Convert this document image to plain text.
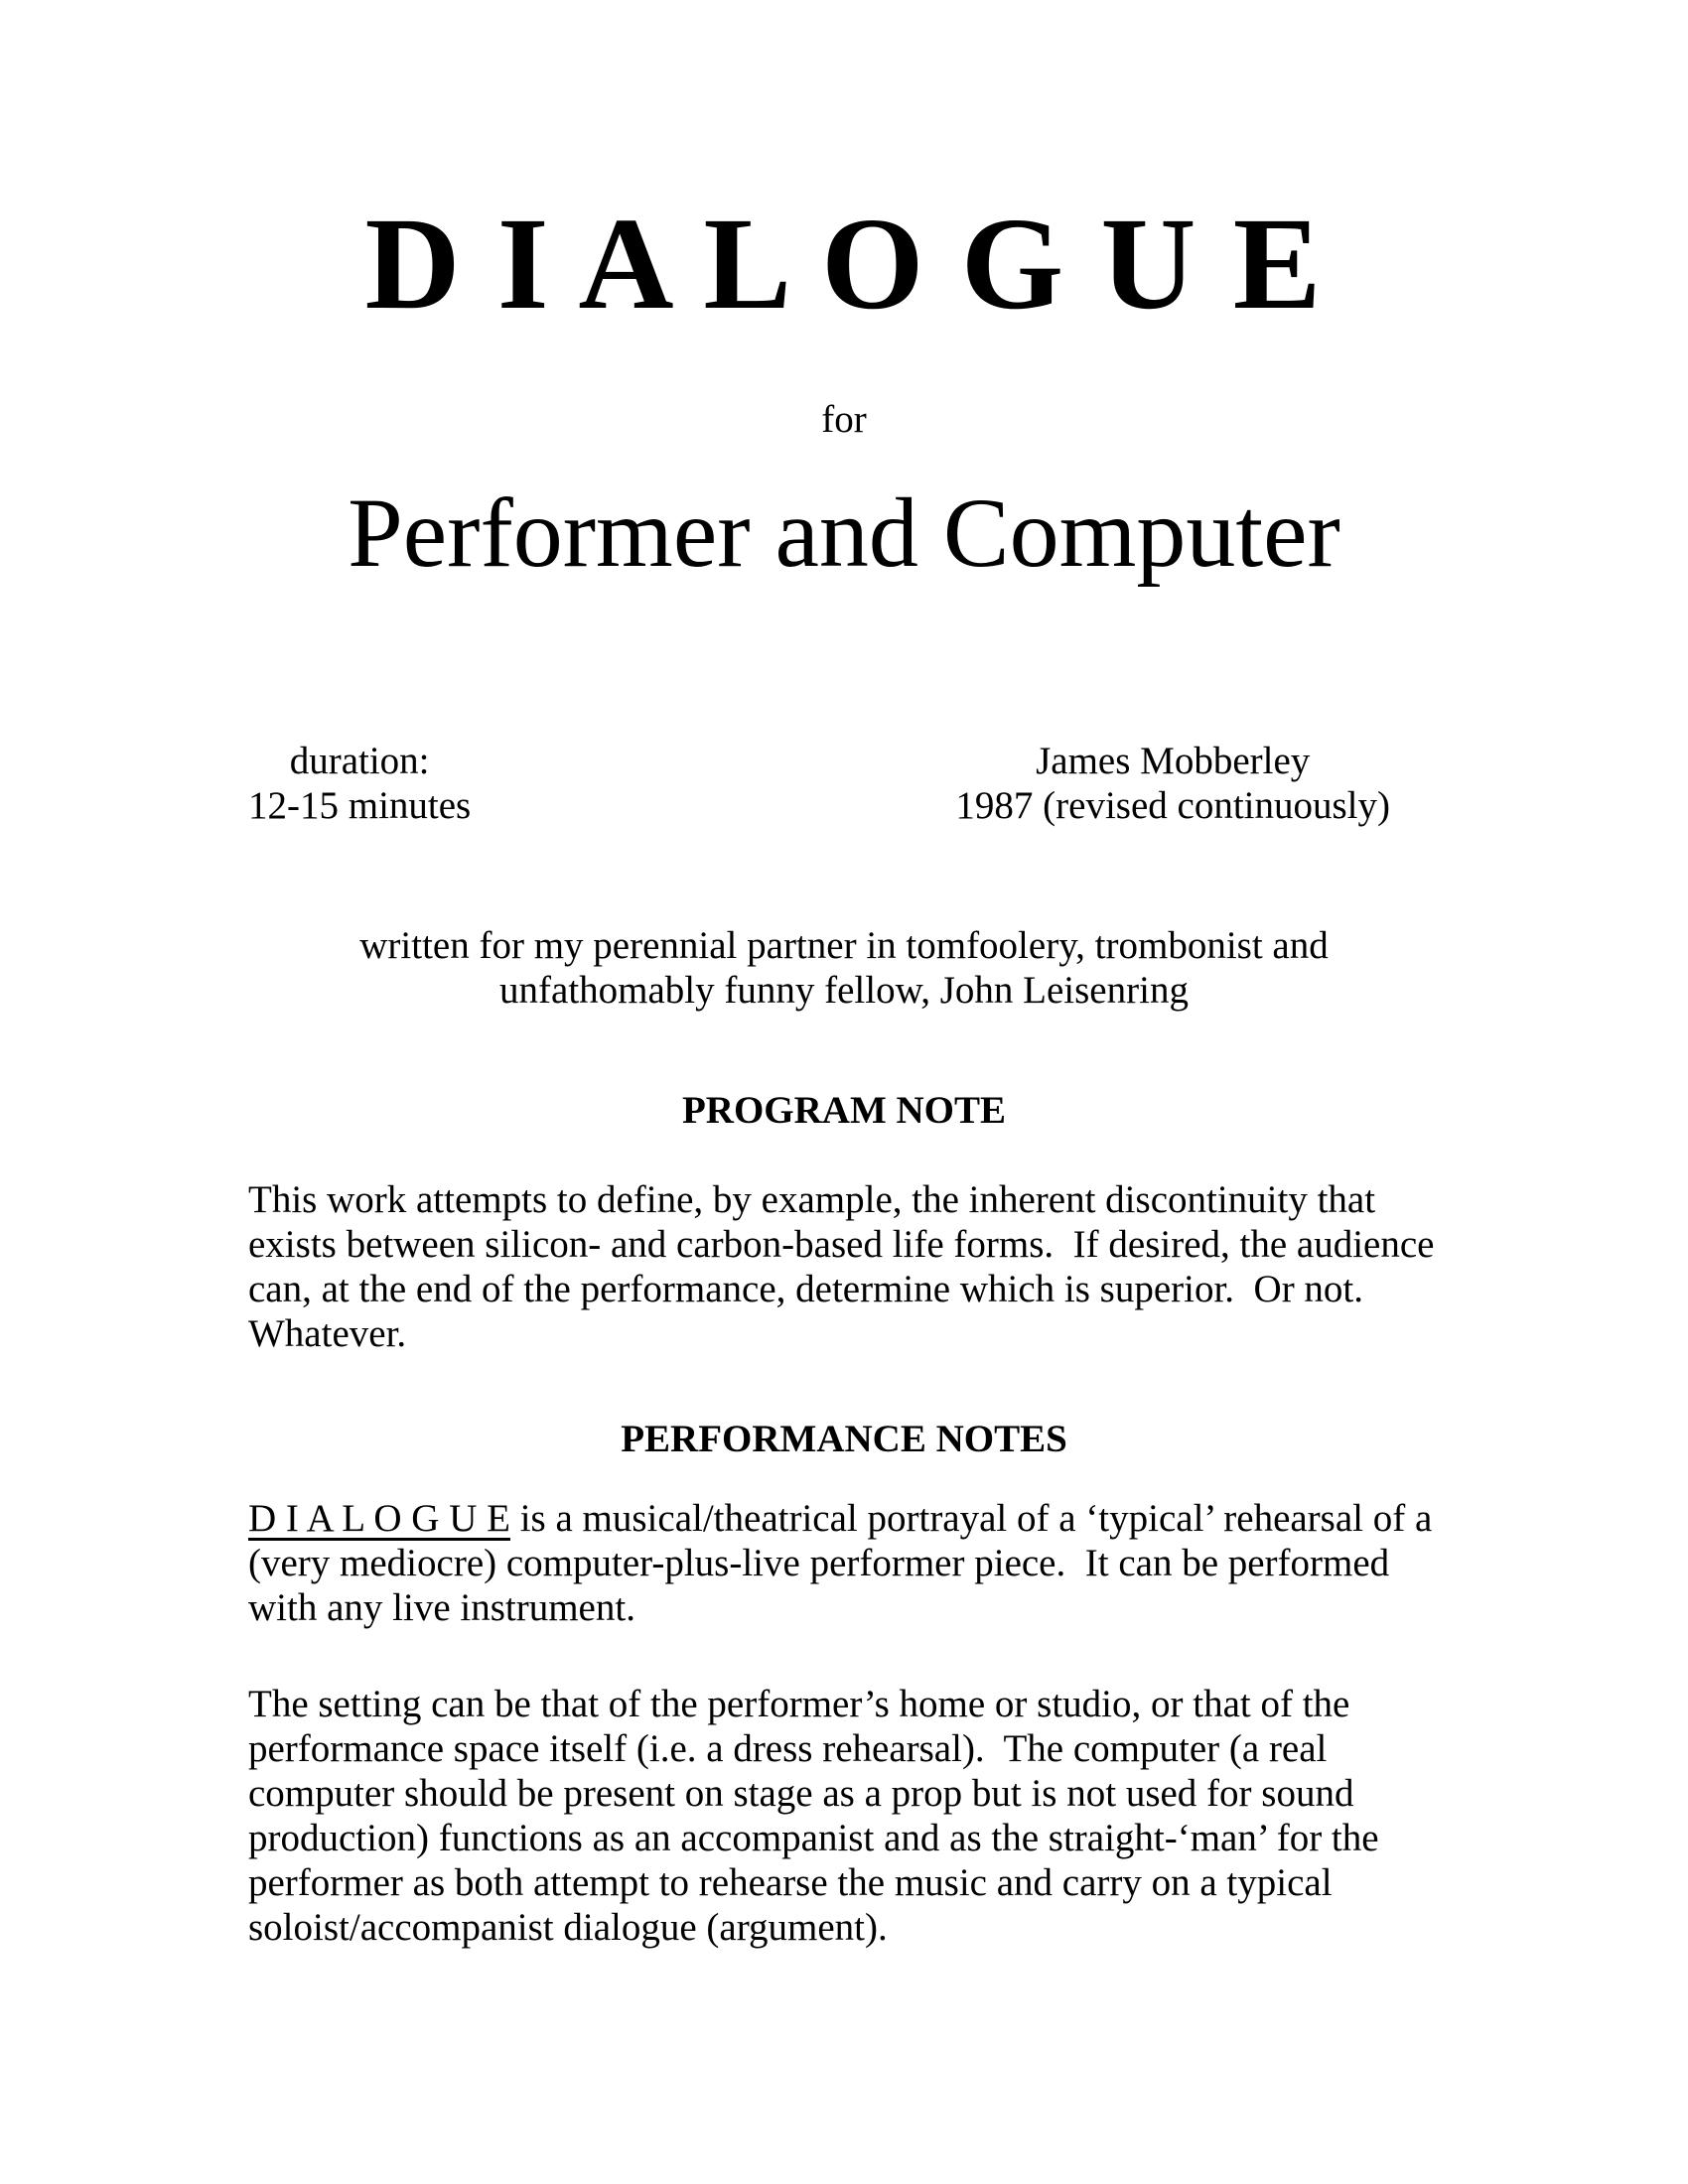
D I A L O G U E
for
Performer and Computer
duration:
12-15 minutes
James Mobberley
1987 (revised continuously)
written for my perennial partner in tomfoolery, trombonist and
unfathomably funny fellow, John Leisenring
PROGRAM NOTE

This work attempts to define, by example, the inherent discontinuity that exists between silicon- and carbon-based life forms.  If desired, the audience can, at the end of the performance, determine which is superior.  Or not.  Whatever.

PERFORMANCE NOTES

D I A L O G U E is a musical/theatrical portrayal of a ‘typical’ rehearsal of a (very mediocre) computer-plus-live performer piece.  It can be performed with any live instrument.

The setting can be that of the performer’s home or studio, or that of the performance space itself (i.e. a dress rehearsal).  The computer (a real computer should be present on stage as a prop but is not used for sound production) functions as an accompanist and as the straight-‘man’ for the performer as both attempt to rehearse the music and carry on a typical soloist/accompanist dialogue (argument).
